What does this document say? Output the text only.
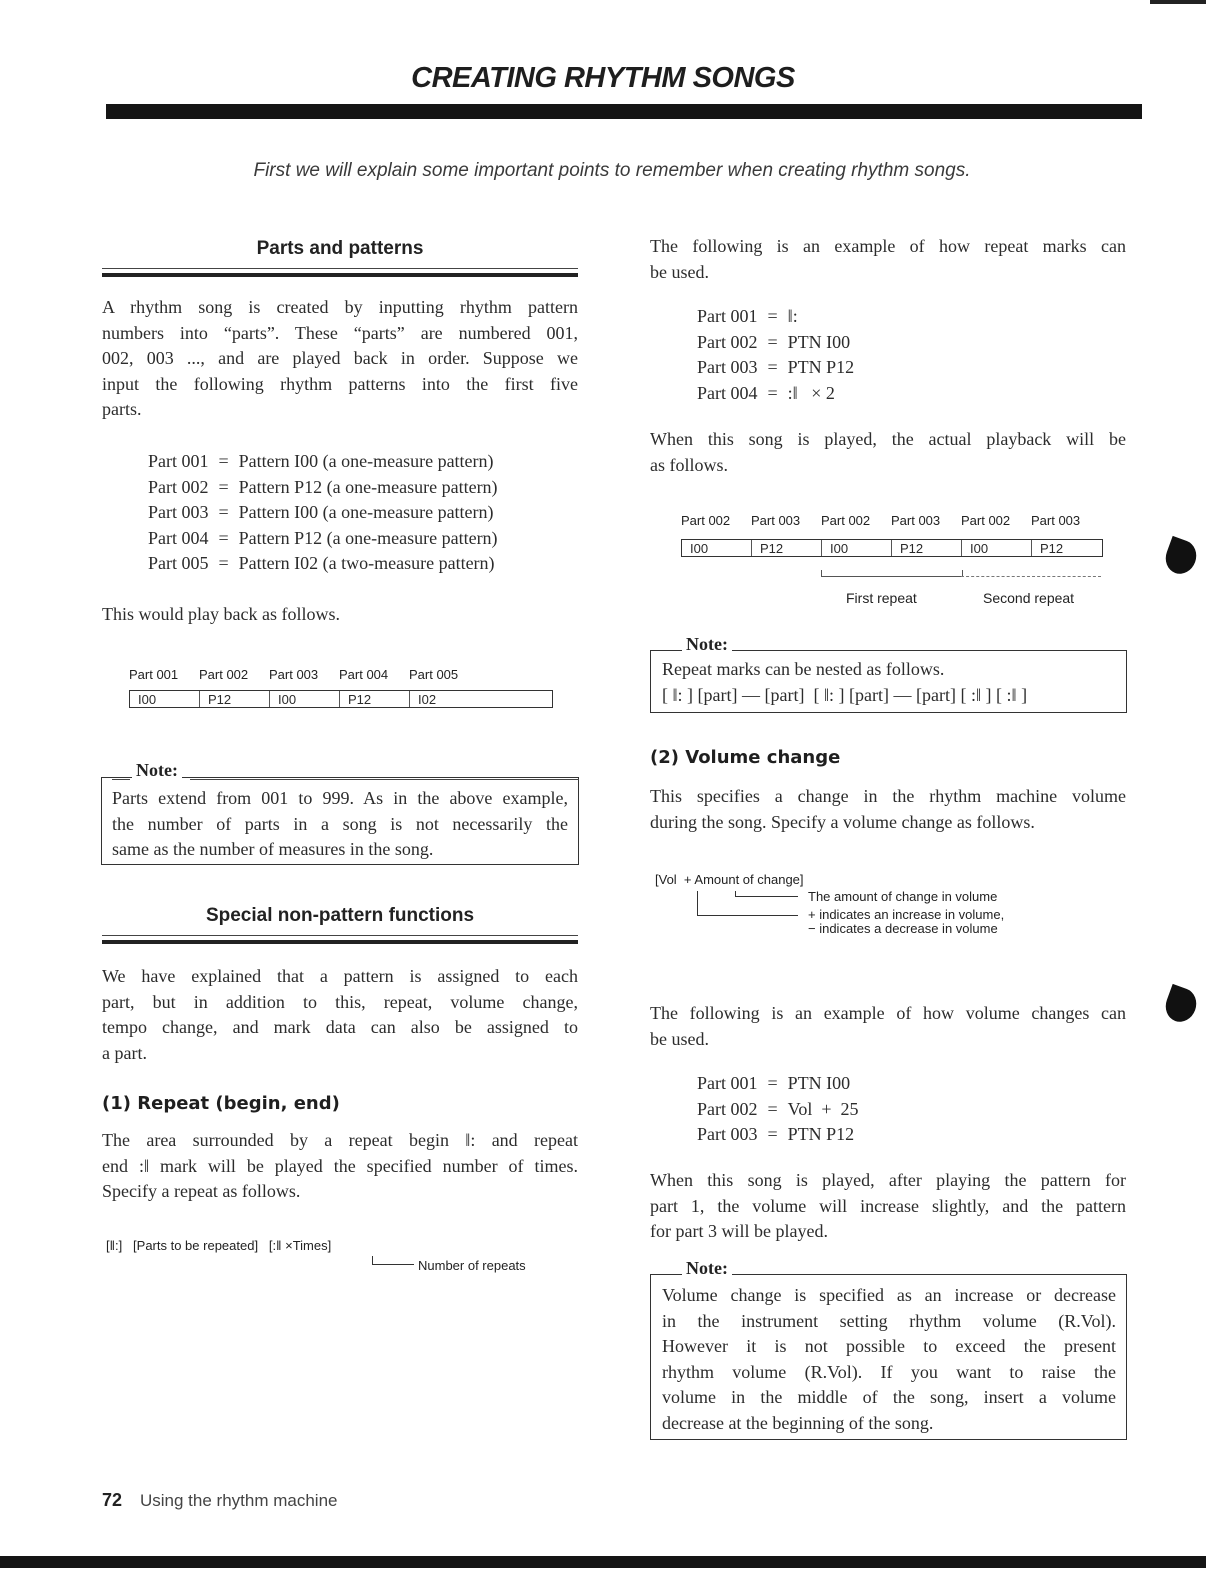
CREATING RHYTHM SONGS
First we will explain some important points to remember when creating rhythm songs.
Parts and patterns
A rhythm song is created by inputting rhythm pattern
numbers into “parts”. These “parts” are numbered 001,
002, 003 ..., and are played back in order. Suppose we
input the following rhythm patterns into the first five
parts.
Part 001	=	Pattern I00 (a one-measure pattern)
Part 002	=	Pattern P12 (a one-measure pattern)
Part 003	=	Pattern I00 (a one-measure pattern)
Part 004	=	Pattern P12 (a one-measure pattern)
Part 005	=	Pattern I02 (a two-measure pattern)
This would play back as follows.
Part 001	Part 002	Part 003	Part 004	Part 005
I00	P12	I00	P12	I02
Parts extend from 001 to 999. As in the above example,
the number of parts in a song is not necessarily the
same as the number of measures in the song.
Note:
Special non-pattern functions
We have explained that a pattern is assigned to each
part, but in addition to this, repeat, volume change,
tempo change, and mark data can also be assigned to
a part.
(1) Repeat (begin, end)
The area surrounded by a repeat begin ‖: and repeat
end :‖ mark will be played the specified number of times.
Specify a repeat as follows.
[‖:]   [Parts to be repeated]   [:‖ ×Times]
Number of repeats
The following is an example of how repeat marks can
be used.
Part 001	=	‖:
Part 002	=	PTN I00
Part 003	=	PTN P12
Part 004	=	:‖   × 2
When this song is played, the actual playback will be
as follows.
Part 002	Part 003	Part 002	Part 003	Part 002	Part 003
I00	P12	I00	P12	I00	P12
First repeat	Second repeat
Repeat marks can be nested as follows.
[ ‖: ] [part] — [part]  [ ‖: ] [part] — [part] [ :‖ ] [ :‖ ]
Note:
(2) Volume change
This specifies a change in the rhythm machine volume
during the song. Specify a volume change as follows.
[Vol  + Amount of change]
The amount of change in volume
+ indicates an increase in volume,
− indicates a decrease in volume
The following is an example of how volume changes can
be used.
Part 001	=	PTN I00
Part 002	=	Vol  +  25
Part 003	=	PTN P12
When this song is played, after playing the pattern for
part 1, the volume will increase slightly, and the pattern
for part 3 will be played.
Volume change is specified as an increase or decrease
in the instrument setting rhythm volume (R.Vol).
However it is not possible to exceed the present
rhythm volume (R.Vol). If you want to raise the
volume in the middle of the song, insert a volume
decrease at the beginning of the song.
Note:
72 Using the rhythm machine
